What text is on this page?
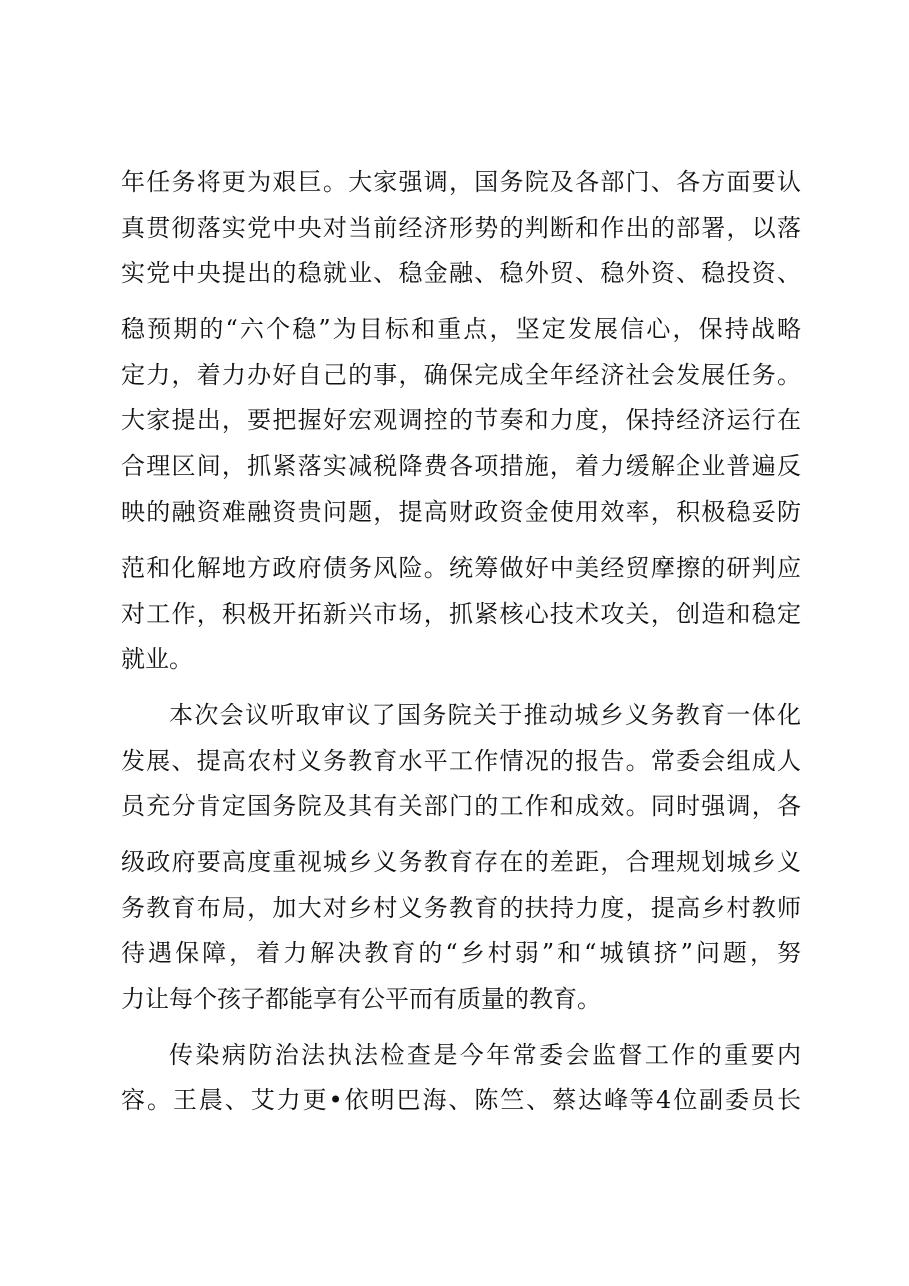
年任务将更为艰巨。大家强调，国务院及各部门、各方面要认
真贯彻落实党中央对当前经济形势的判断和作出的部署，以落
实党中央提出的稳就业、稳金融、稳外贸、稳外资、稳投资、
稳预期的“六个稳”为目标和重点，坚定发展信心，保持战略
定力，着力办好自己的事，确保完成全年经济社会发展任务。
大家提出，要把握好宏观调控的节奏和力度，保持经济运行在
合理区间，抓紧落实减税降费各项措施，着力缓解企业普遍反
映的融资难融资贵问题，提高财政资金使用效率，积极稳妥防
范和化解地方政府债务风险。统筹做好中美经贸摩擦的研判应
对工作，积极开拓新兴市场，抓紧核心技术攻关，创造和稳定
就业。
本次会议听取审议了国务院关于推动城乡义务教育一体化
发展、提高农村义务教育水平工作情况的报告。常委会组成人
员充分肯定国务院及其有关部门的工作和成效。同时强调，各
级政府要高度重视城乡义务教育存在的差距，合理规划城乡义
务教育布局，加大对乡村义务教育的扶持力度，提高乡村教师
待遇保障，着力解决教育的“乡村弱”和“城镇挤”问题，努
力让每个孩子都能享有公平而有质量的教育。
传染病防治法执法检查是今年常委会监督工作的重要内
容。王晨、艾力更•依明巴海、陈竺、蔡达峰等4位副委员长
